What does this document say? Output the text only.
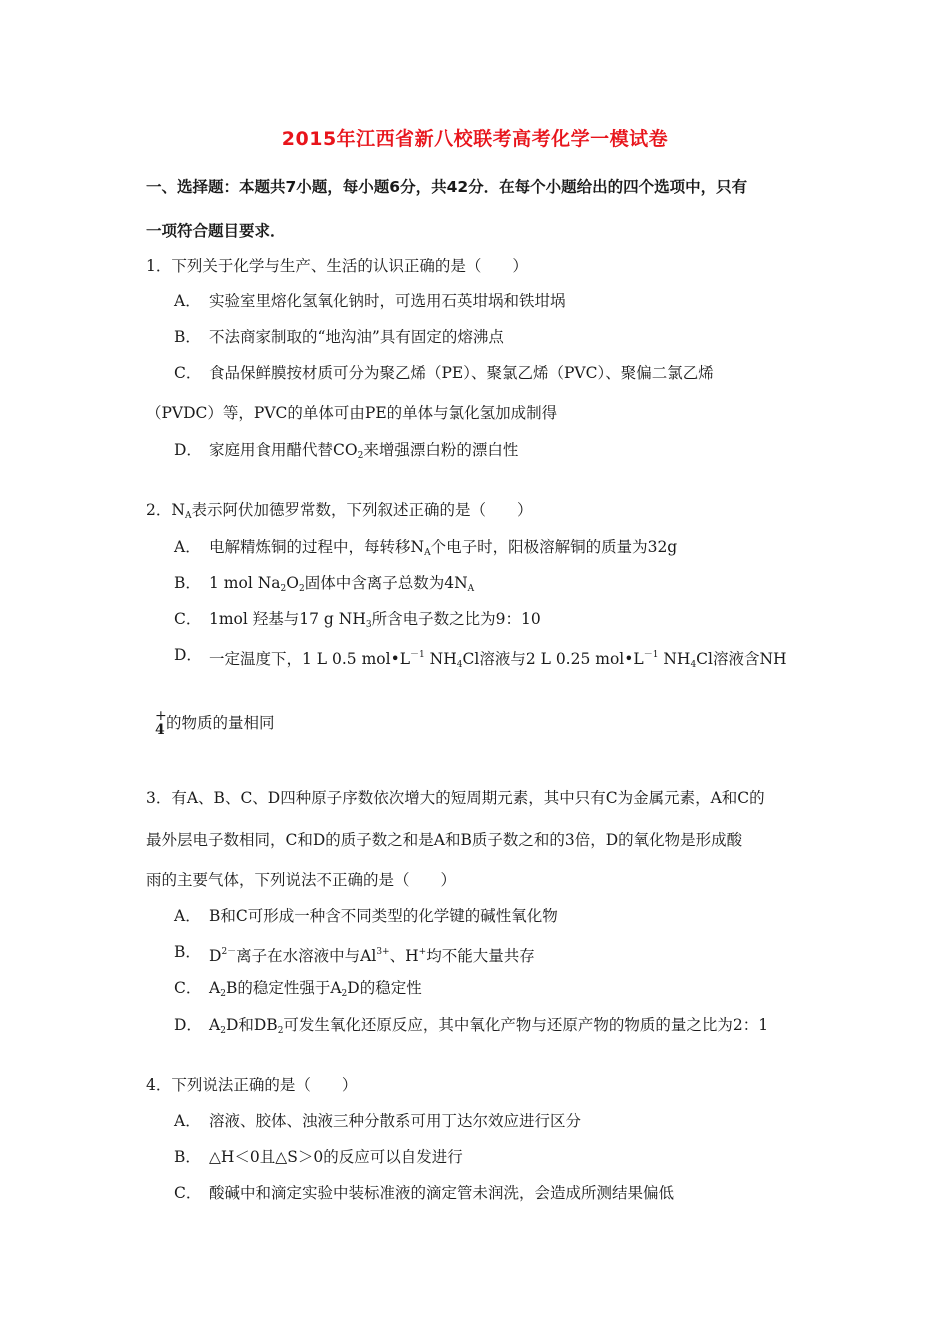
2015年江西省新八校联考高考化学一模试卷
一、选择题：本题共7小题，每小题6分，共42分．在每个小题给出的四个选项中，只有
一项符合题目要求．
1．下列关于化学与生产、生活的认识正确的是（　　）
A． 实验室里熔化氢氧化钠时，可选用石英坩埚和铁坩埚
B． 不法商家制取的“地沟油”具有固定的熔沸点
C． 食品保鲜膜按材质可分为聚乙烯（PE）、聚氯乙烯（PVC）、聚偏二氯乙烯
（PVDC）等，PVC的单体可由PE的单体与氯化氢加成制得
D． 家庭用食用醋代替$CO_2$来增强漂白粉的漂白性
2．$N_A$表示阿伏加德罗常数，下列叙述正确的是（　　）
A． 电解精炼铜的过程中，每转移$N_A$个电子时，阳极溶解铜的质量为32g
B． 1 mol $Na_2O_2$固体中含离子总数为$4N_A$
C． 1mol 羟基与17 g $NH_3$所含电子数之比为9：10
D． 一定温度下，1 L 0.5 $mol•L^{-1}$ $NH_4Cl$溶液与2 L 0.25 $mol•L^{-1}$ $NH_4Cl$溶液含NH
+
4 的物质的量相同
3．有A、B、C、D四种原子序数依次增大的短周期元素，其中只有C为金属元素，A和C的
最外层电子数相同，C和D的质子数之和是A和B质子数之和的3倍，D的氧化物是形成酸
雨的主要气体，下列说法不正确的是（　　）
A． B和C可形成一种含不同类型的化学键的碱性氧化物
B． $D^{2-}$离子在水溶液中与$Al^{3+}$、H+均不能大量共存
C． $A_2B$的稳定性强于$A_2D$的稳定性
D． $A_2D$和$DB_2$可发生氧化还原反应，其中氧化产物与还原产物的物质的量之比为2：1
4．下列说法正确的是（　　）
A． 溶液、胶体、浊液三种分散系可用丁达尔效应进行区分
B． △H＜0且△S＞0的反应可以自发进行
C． 酸碱中和滴定实验中装标准液的滴定管未润洗，会造成所测结果偏低
